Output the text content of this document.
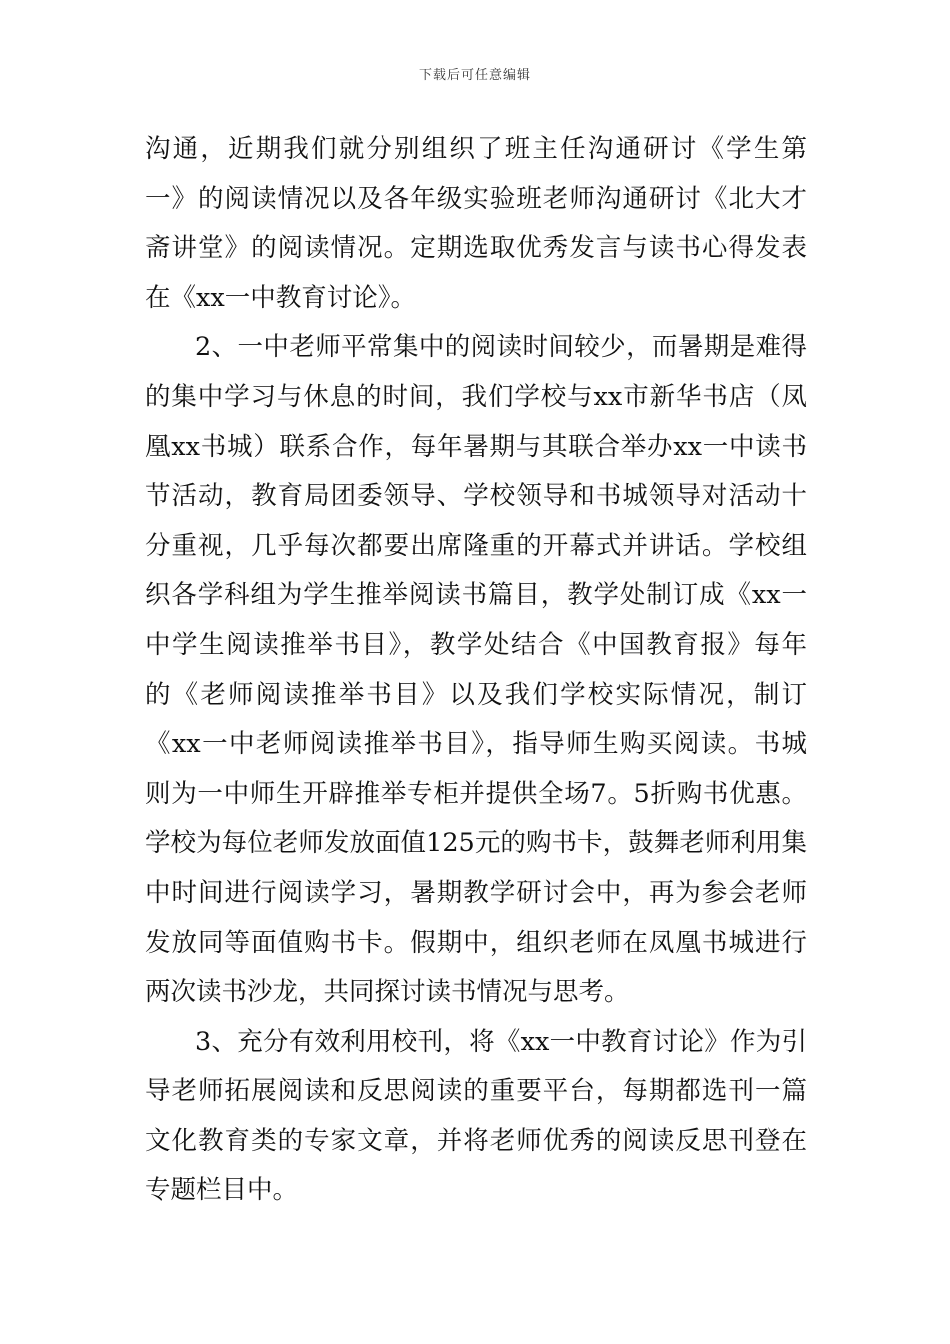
下载后可任意编辑
沟通，近期我们就分别组织了班主任沟通研讨《学生第
一》的阅读情况以及各年级实验班老师沟通研讨《北大才
斋讲堂》的阅读情况。定期选取优秀发言与读书心得发表
在《xx一中教育讨论》。
2、一中老师平常集中的阅读时间较少，而暑期是难得
的集中学习与休息的时间，我们学校与xx市新华书店（凤
凰xx书城）联系合作，每年暑期与其联合举办xx一中读书
节活动，教育局团委领导、学校领导和书城领导对活动十
分重视，几乎每次都要出席隆重的开幕式并讲话。学校组
织各学科组为学生推举阅读书篇目，教学处制订成《xx一
中学生阅读推举书目》，教学处结合《中国教育报》每年
的《老师阅读推举书目》以及我们学校实际情况，制订
《xx一中老师阅读推举书目》，指导师生购买阅读。书城
则为一中师生开辟推举专柜并提供全场7。5折购书优惠。
学校为每位老师发放面值125元的购书卡，鼓舞老师利用集
中时间进行阅读学习，暑期教学研讨会中，再为参会老师
发放同等面值购书卡。假期中，组织老师在凤凰书城进行
两次读书沙龙，共同探讨读书情况与思考。
3、充分有效利用校刊，将《xx一中教育讨论》作为引
导老师拓展阅读和反思阅读的重要平台，每期都选刊一篇
文化教育类的专家文章，并将老师优秀的阅读反思刊登在
专题栏目中。
